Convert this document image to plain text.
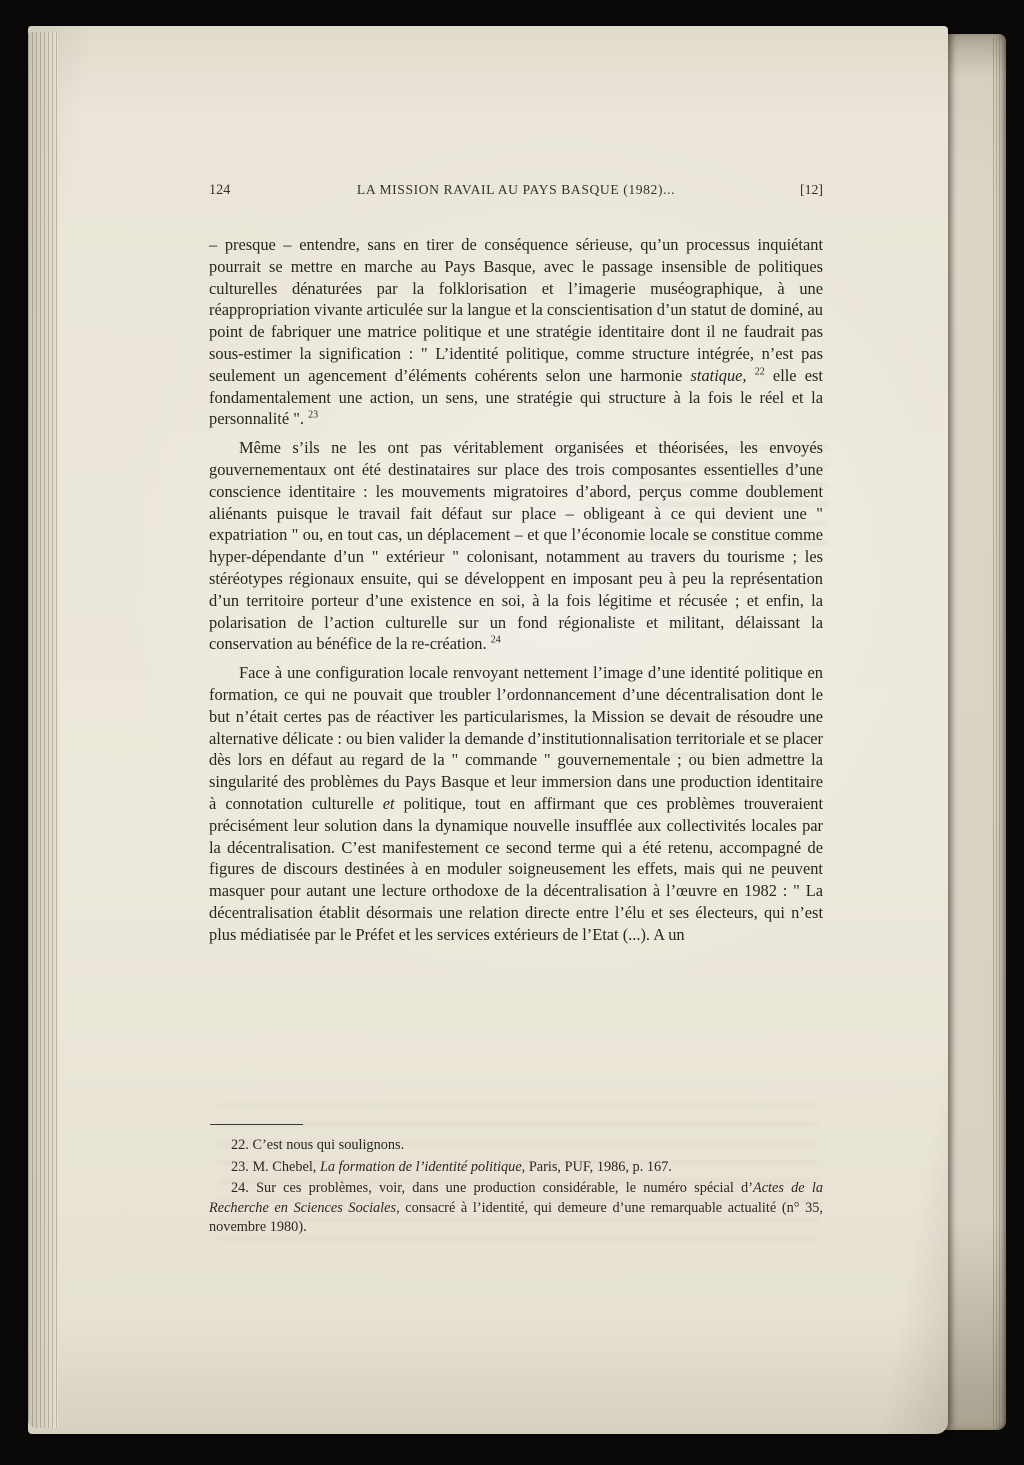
124	LA MISSION RAVAIL AU PAYS BASQUE (1982)...	[12]

– presque – entendre, sans en tirer de conséquence sérieuse, qu’un processus inquiétant pourrait se mettre en marche au Pays Basque, avec le passage insensible de politiques culturelles dénaturées par la folklorisation et l’imagerie muséographique, à une réappropriation vivante articulée sur la langue et la conscientisation d’un statut de dominé, au point de fabriquer une matrice politique et une stratégie identitaire dont il ne faudrait pas sous-estimer la signification : " L’identité politique, comme structure intégrée, n’est pas seulement un agencement d’éléments cohérents selon une harmonie statique, $^{22}$ elle est fondamentalement une action, un sens, une stratégie qui structure à la fois le réel et la personnalité ". $^{23}$

Même s’ils ne les ont pas véritablement organisées et théorisées, les envoyés gouvernementaux ont été destinataires sur place des trois composantes essentielles d’une conscience identitaire : les mouvements migratoires d’abord, perçus comme doublement aliénants puisque le travail fait défaut sur place – obligeant à ce qui devient une " expatriation " ou, en tout cas, un déplacement – et que l’économie locale se constitue comme hyper-dépendante d’un " extérieur " colonisant, notamment au travers du tourisme ; les stéréotypes régionaux ensuite, qui se développent en imposant peu à peu la représentation d’un territoire porteur d’une existence en soi, à la fois légitime et récusée ; et enfin, la polarisation de l’action culturelle sur un fond régionaliste et militant, délaissant la conservation au bénéfice de la re-création. $^{24}$

Face à une configuration locale renvoyant nettement l’image d’une identité politique en formation, ce qui ne pouvait que troubler l’ordonnancement d’une décentralisation dont le but n’était certes pas de réactiver les particularismes, la Mission se devait de résoudre une alternative délicate : ou bien valider la demande d’institutionnalisation territoriale et se placer dès lors en défaut au regard de la " commande " gouvernementale ; ou bien admettre la singularité des problèmes du Pays Basque et leur immersion dans une production identitaire à connotation culturelle et politique, tout en affirmant que ces problèmes trouveraient précisément leur solution dans la dynamique nouvelle insufflée aux collectivités locales par la décentralisation. C’est manifestement ce second terme qui a été retenu, accompagné de figures de discours destinées à en moduler soigneusement les effets, mais qui ne peuvent masquer pour autant une lecture orthodoxe de la décentralisation à l’œuvre en 1982 : " La décentralisation établit désormais une relation directe entre l’élu et ses électeurs, qui n’est plus médiatisée par le Préfet et les services extérieurs de l’Etat (...). A un

22. C’est nous qui soulignons.

23. M. Chebel, La formation de l’identité politique, Paris, PUF, 1986, p. 167.

24. Sur ces problèmes, voir, dans une production considérable, le numéro spécial d’Actes de la Recherche en Sciences Sociales, consacré à l’identité, qui demeure d’une remarquable actualité (n° 35, novembre 1980).
